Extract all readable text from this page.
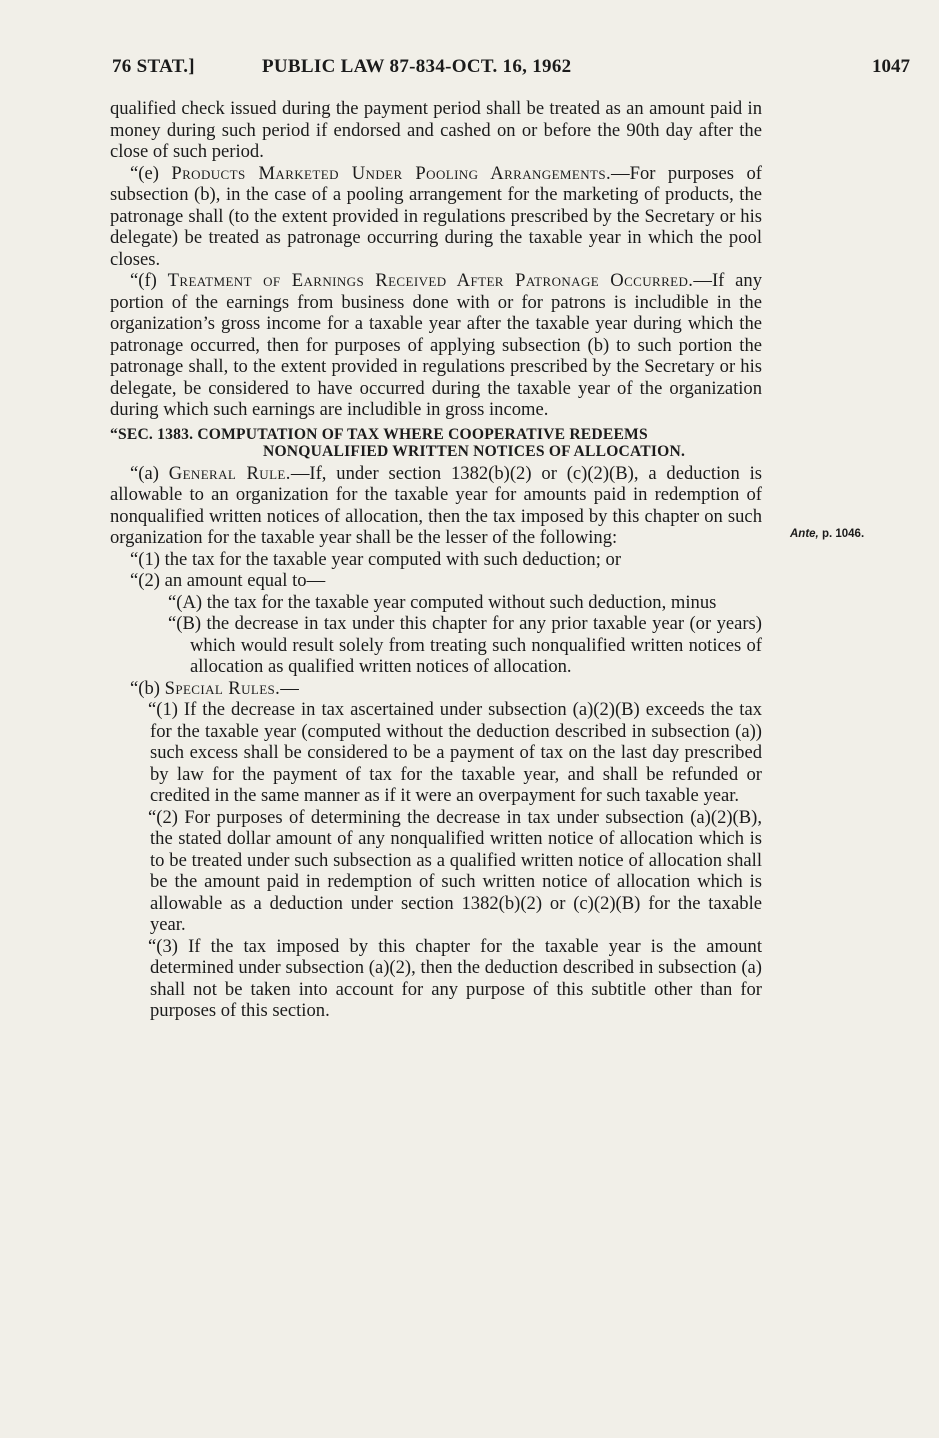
76 STAT.]	PUBLIC LAW 87-834-OCT. 16, 1962	1047
Ante, p. 1046.

qualified check issued during the payment period shall be treated as an amount paid in money during such period if endorsed and cashed on or before the 90th day after the close of such period.

“(e) Products Marketed Under Pooling Arrangements.—For purposes of subsection (b), in the case of a pooling arrangement for the marketing of products, the patronage shall (to the extent provided in regulations prescribed by the Secretary or his delegate) be treated as patronage occurring during the taxable year in which the pool closes.

“(f) Treatment of Earnings Received After Patronage Occurred.—If any portion of the earnings from business done with or for patrons is includible in the organization’s gross income for a taxable year after the taxable year during which the patronage occurred, then for purposes of applying subsection (b) to such portion the patronage shall, to the extent provided in regulations prescribed by the Secretary or his delegate, be considered to have occurred during the taxable year of the organization during which such earnings are includible in gross income.

“SEC. 1383. COMPUTATION OF TAX WHERE COOPERATIVE REDEEMS
NONQUALIFIED WRITTEN NOTICES OF ALLOCATION.

“(a) General Rule.—If, under section 1382(b)(2) or (c)(2)(B), a deduction is allowable to an organization for the taxable year for amounts paid in redemption of nonqualified written notices of allocation, then the tax imposed by this chapter on such organization for the taxable year shall be the lesser of the following:

“(1) the tax for the taxable year computed with such deduction; or

“(2) an amount equal to—

“(A) the tax for the taxable year computed without such deduction, minus

“(B) the decrease in tax under this chapter for any prior taxable year (or years) which would result solely from treating such nonqualified written notices of allocation as qualified written notices of allocation.

“(b) Special Rules.—

“(1) If the decrease in tax ascertained under subsection (a)(2)(B) exceeds the tax for the taxable year (computed without the deduction described in subsection (a)) such excess shall be considered to be a payment of tax on the last day prescribed by law for the payment of tax for the taxable year, and shall be refunded or credited in the same manner as if it were an overpayment for such taxable year.

“(2) For purposes of determining the decrease in tax under subsection (a)(2)(B), the stated dollar amount of any nonqualified written notice of allocation which is to be treated under such subsection as a qualified written notice of allocation shall be the amount paid in redemption of such written notice of allocation which is allowable as a deduction under section 1382(b)(2) or (c)(2)(B) for the taxable year.

“(3) If the tax imposed by this chapter for the taxable year is the amount determined under subsection (a)(2), then the deduction described in subsection (a) shall not be taken into account for any purpose of this subtitle other than for purposes of this section.
